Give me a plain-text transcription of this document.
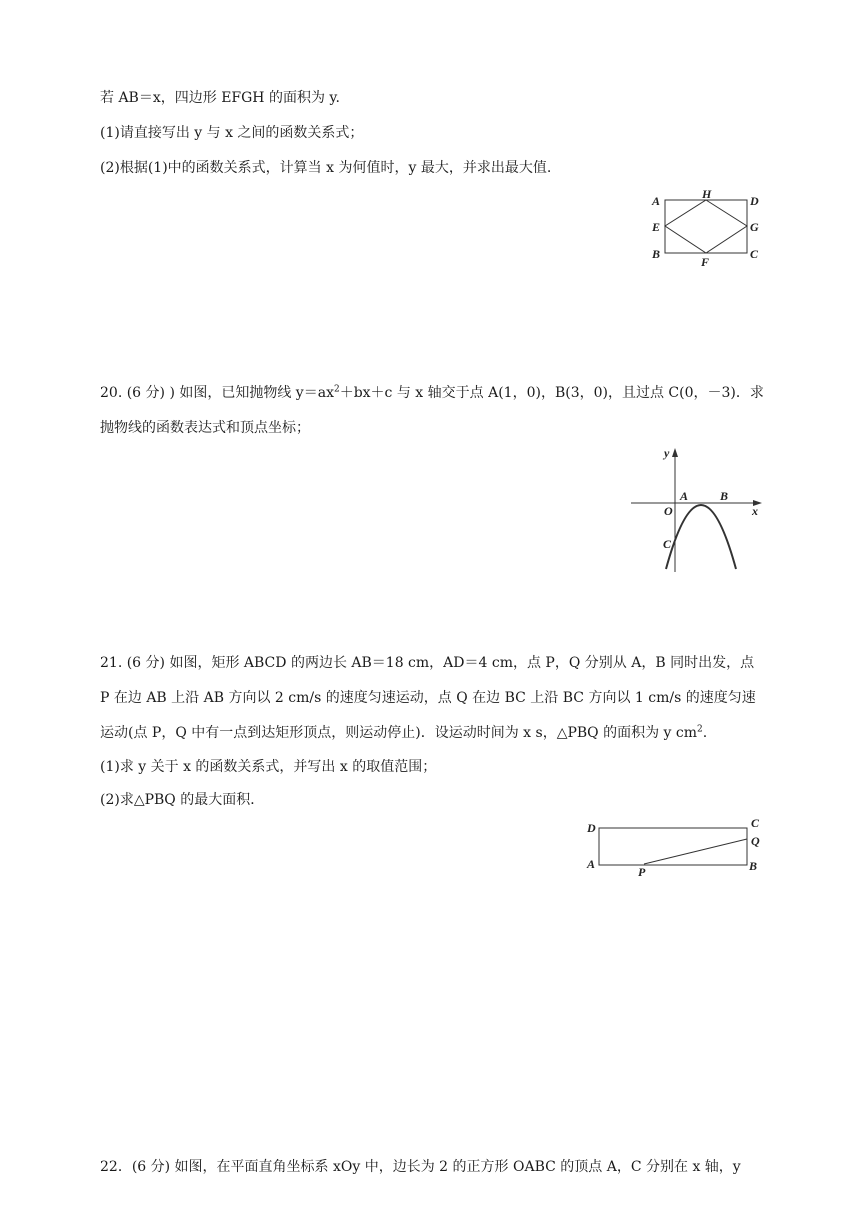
若 AB＝x，四边形 EFGH 的面积为 y.
(1)请直接写出 y 与 x 之间的函数关系式；
(2)根据(1)中的函数关系式，计算当 x 为何值时，y 最大，并求出最大值.
A	H	D
E	G
B
F
C
20. (6 分) ) 如图，已知抛物线 $y=ax^2+bx+c$ 与 x 轴交于点 A(1，0)，B(3，0)，且过点 C(0，－3)．求
抛物线的函数表达式和顶点坐标；
y
x
O
A	B
C
21. (6 分) 如图，矩形 ABCD 的两边长 AB＝18 cm，AD＝4 cm，点 P，Q 分别从 A，B 同时出发，点
P 在边 AB 上沿 AB 方向以 2 cm/s 的速度匀速运动，点 Q 在边 BC 上沿 BC 方向以 1 cm/s 的速度匀速
运动(点 P，Q 中有一点到达矩形顶点，则运动停止)．设运动时间为 x s，△PBQ 的面积为 y $cm^2$.
(1)求 y 关于 x 的函数关系式，并写出 x 的取值范围；
(2)求△PBQ 的最大面积．
D	C
Q
A
P	B
22．(6 分) 如图，在平面直角坐标系 xOy 中，边长为 2 的正方形 OABC 的顶点 A，C 分别在 x 轴，y
